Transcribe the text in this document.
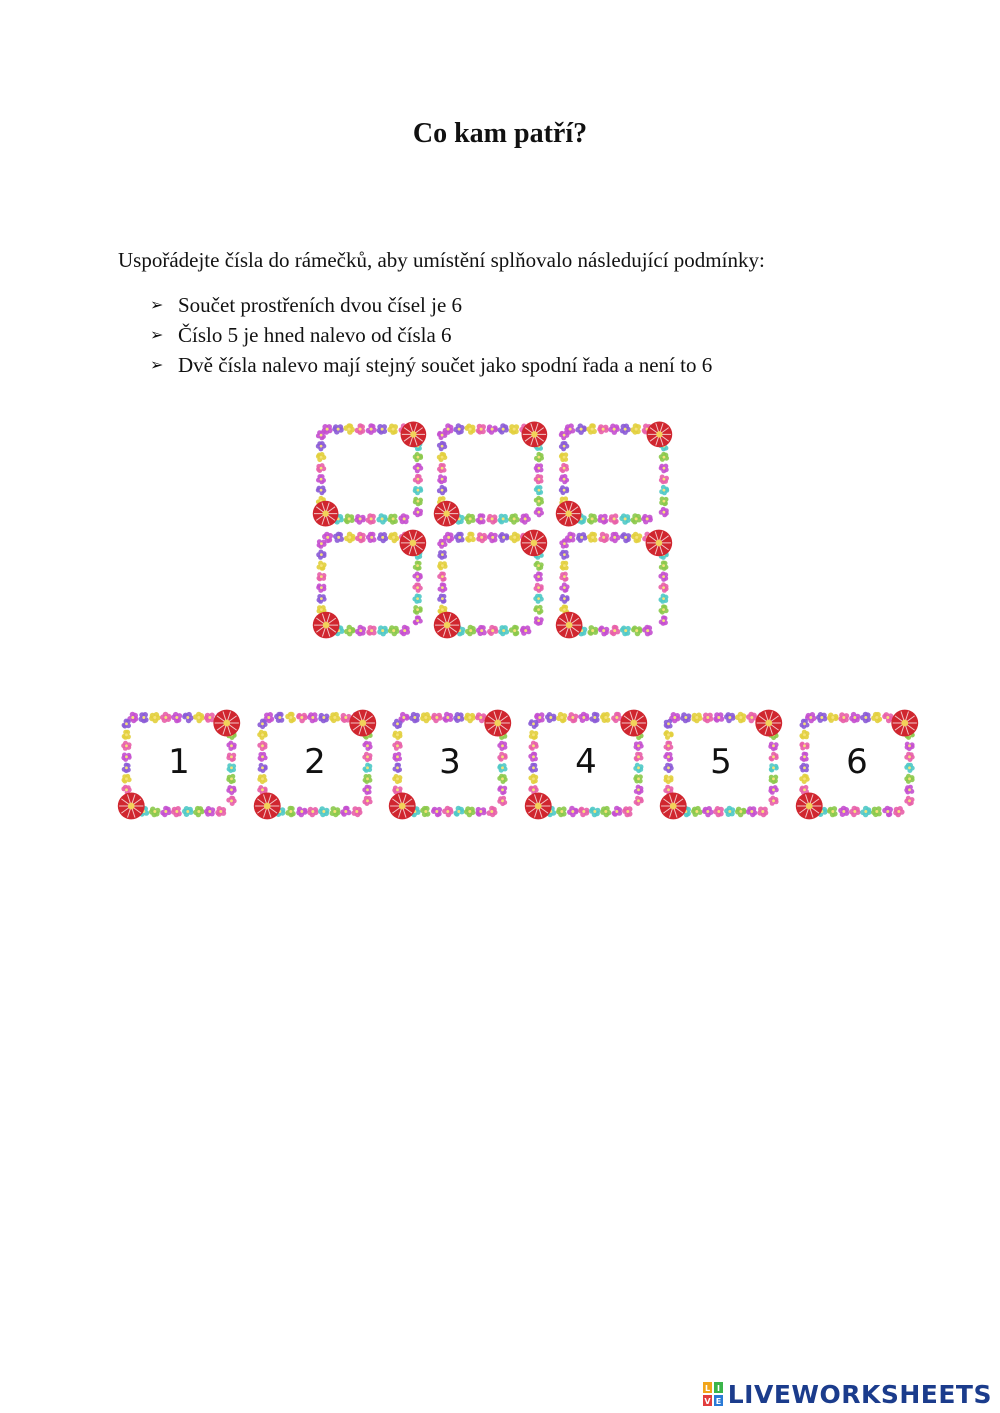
Co kam patří?

Uspořádejte čísla do rámečků, aby umístění splňovalo následující podmínky:

➢ Součet prostřeních dvou čísel je 6
➢ Číslo 5 je hned nalevo od čísla 6
➢ Dvě čísla nalevo mají stejný součet jako spodní řada a není to 6
1	2	3	4	5	6
L I
V E LIVEWORKSHEETS
